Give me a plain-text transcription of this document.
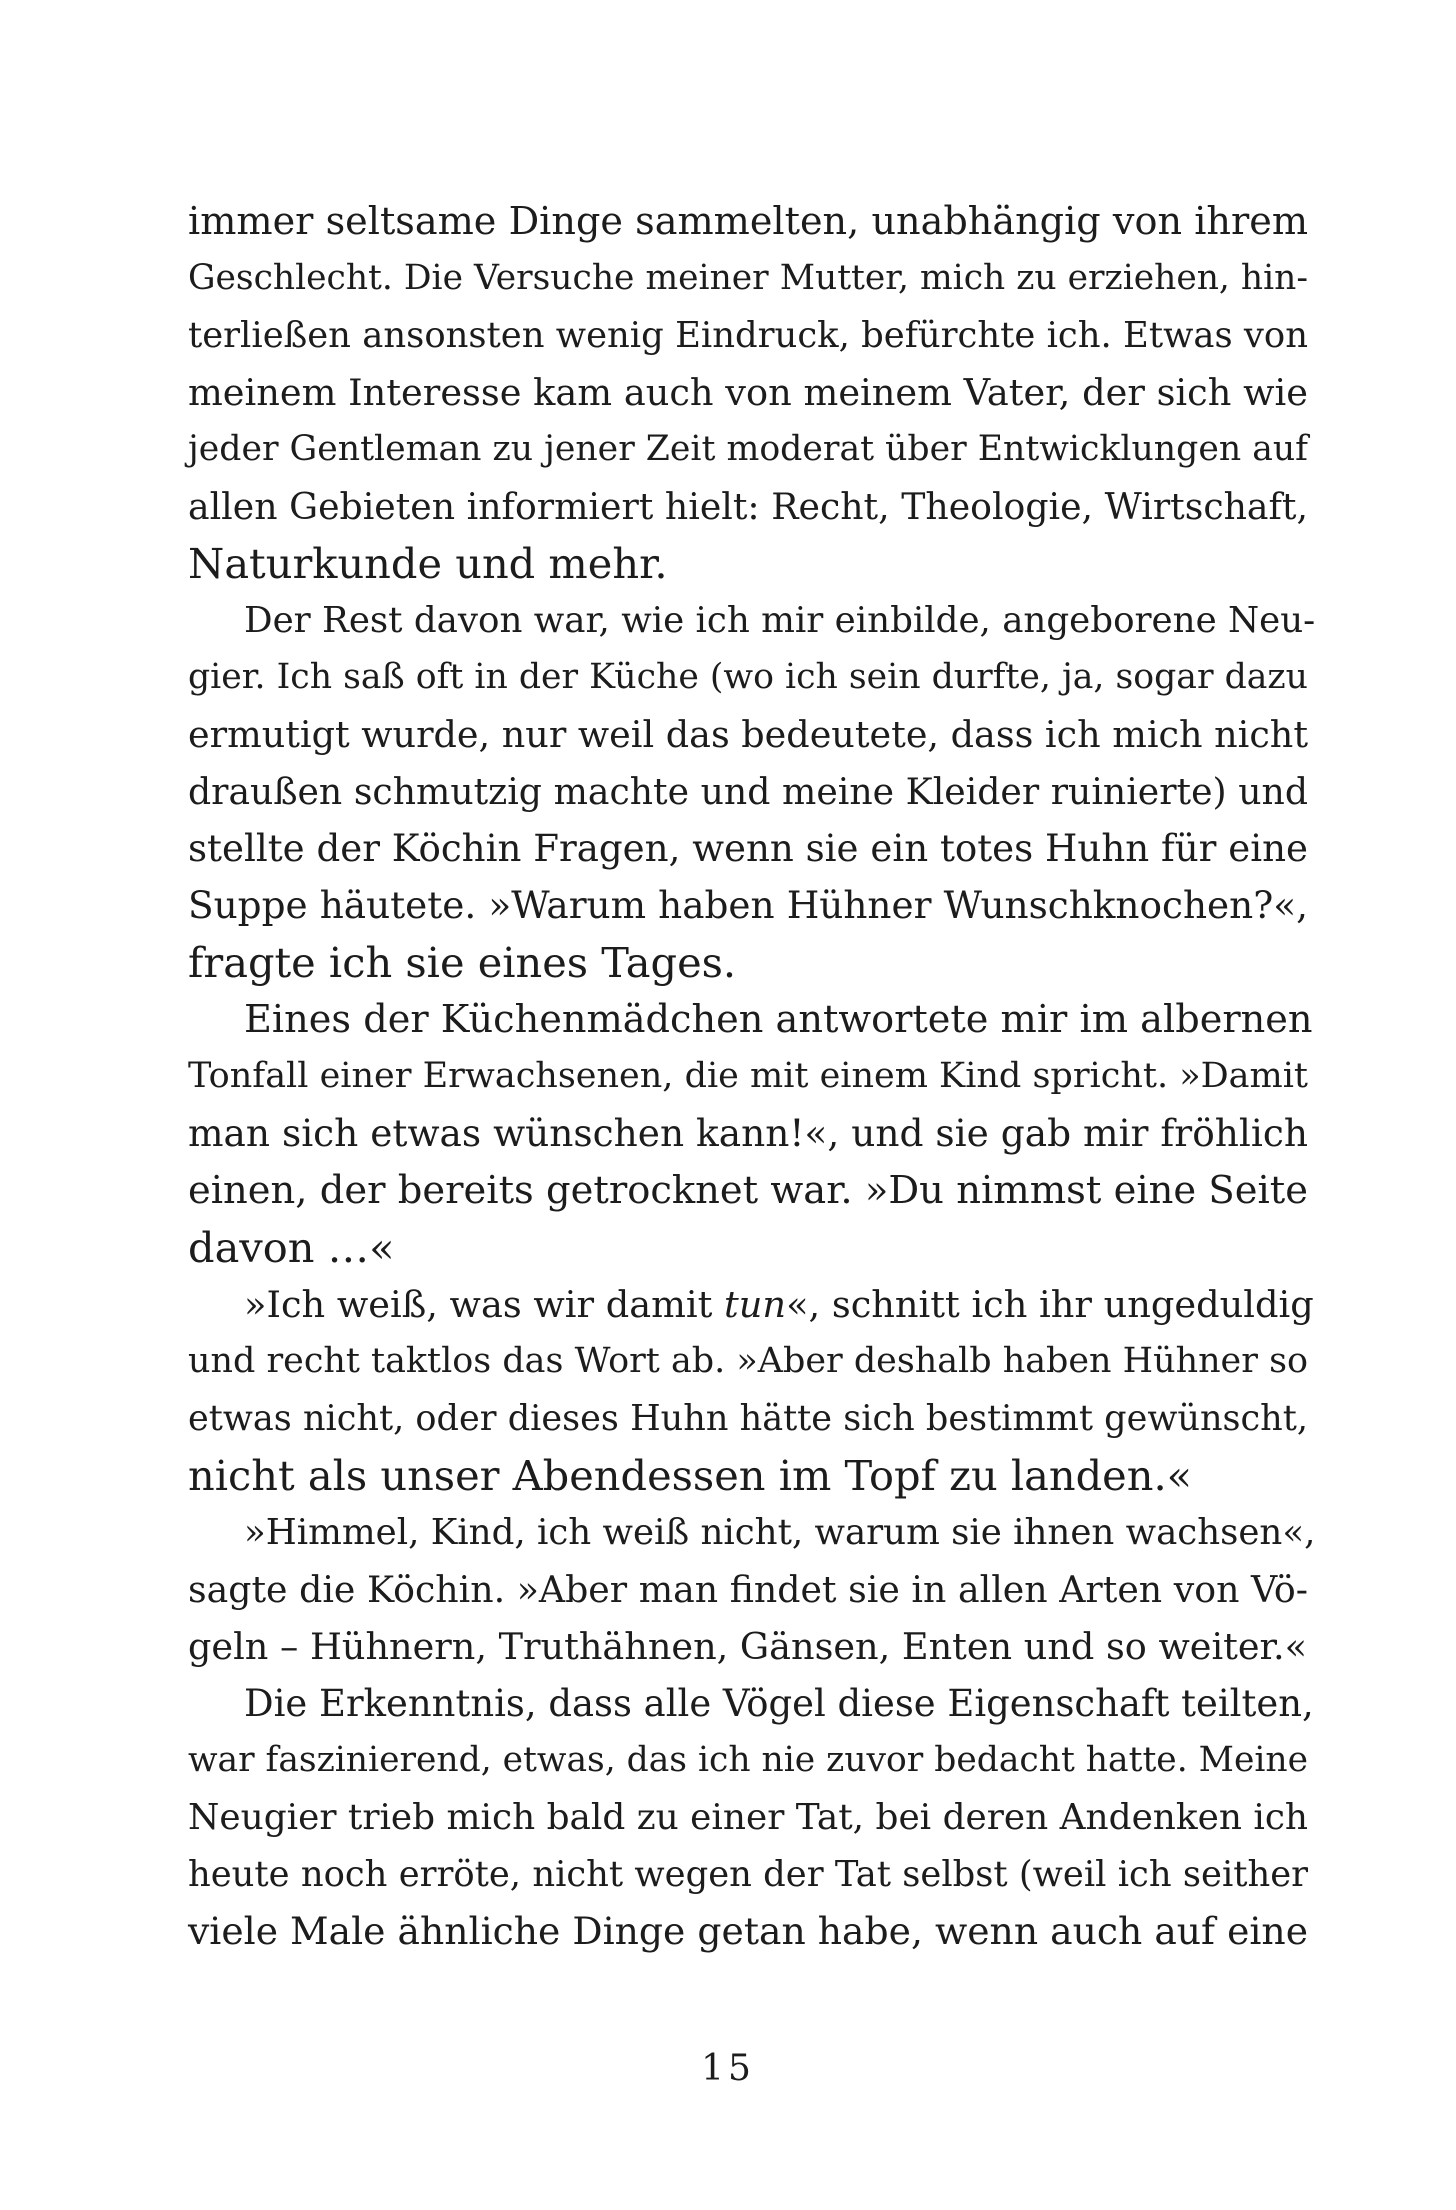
immer seltsame Dinge sammelten, unabhängig von ihrem
Geschlecht. Die Versuche meiner Mutter, mich zu erziehen, hin-
terließen ansonsten wenig Eindruck, befürchte ich. Etwas von
meinem Interesse kam auch von meinem Vater, der sich wie
jeder Gentleman zu jener Zeit moderat über Entwicklungen auf
allen Gebieten informiert hielt: Recht, Theologie, Wirtschaft,
Naturkunde und mehr.
Der Rest davon war, wie ich mir einbilde, angeborene Neu-
gier. Ich saß oft in der Küche (wo ich sein durfte, ja, sogar dazu
ermutigt wurde, nur weil das bedeutete, dass ich mich nicht
draußen schmutzig machte und meine Kleider ruinierte) und
stellte der Köchin Fragen, wenn sie ein totes Huhn für eine
Suppe häutete. »Warum haben Hühner Wunschknochen?«,
fragte ich sie eines Tages.
Eines der Küchenmädchen antwortete mir im albernen
Tonfall einer Erwachsenen, die mit einem Kind spricht. »Damit
man sich etwas wünschen kann!«, und sie gab mir fröhlich
einen, der bereits getrocknet war. »Du nimmst eine Seite
davon …«
»Ich weiß, was wir damit tun«, schnitt ich ihr ungeduldig
und recht taktlos das Wort ab. »Aber deshalb haben Hühner so
etwas nicht, oder dieses Huhn hätte sich bestimmt gewünscht,
nicht als unser Abendessen im Topf zu landen.«
»Himmel, Kind, ich weiß nicht, warum sie ihnen wachsen«,
sagte die Köchin. »Aber man findet sie in allen Arten von Vö-
geln – Hühnern, Truthähnen, Gänsen, Enten und so weiter.«
Die Erkenntnis, dass alle Vögel diese Eigenschaft teilten,
war faszinierend, etwas, das ich nie zuvor bedacht hatte. Meine
Neugier trieb mich bald zu einer Tat, bei deren Andenken ich
heute noch erröte, nicht wegen der Tat selbst (weil ich seither
viele Male ähnliche Dinge getan habe, wenn auch auf eine
15
